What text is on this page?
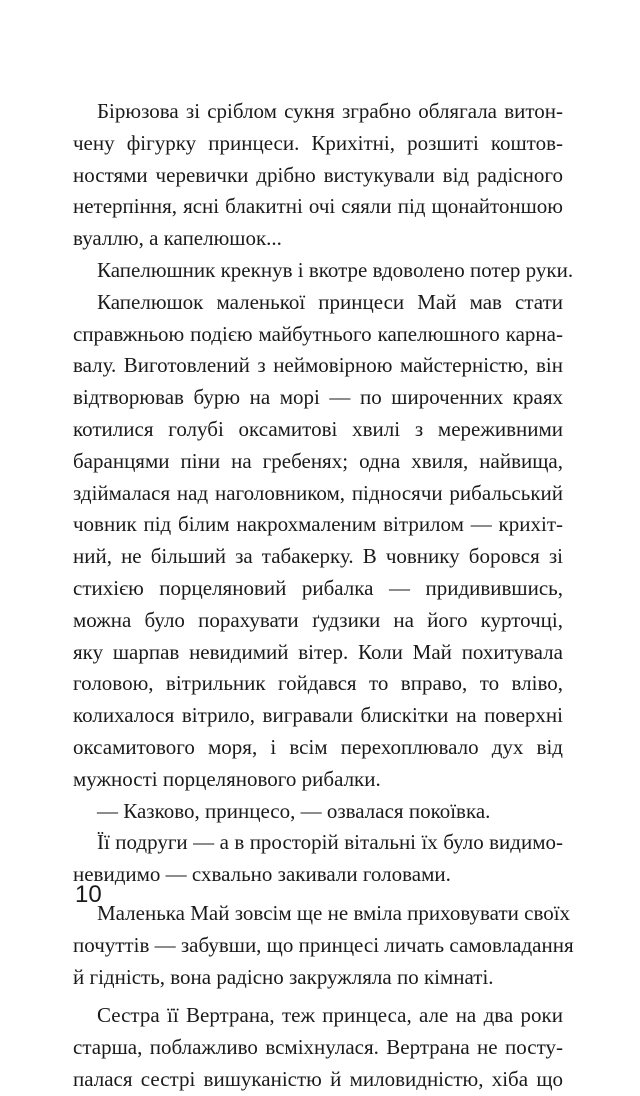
Бірюзова зі сріблом сукня зграбно облягала витон-
чену фігурку принцеси. Крихітні, розшиті коштов-
ностями черевички дрібно вистукували від радісного
нетерпіння, ясні блакитні очі сяяли під щонайтоншою
вуаллю, а капелюшок...
Капелюшник крекнув і вкотре вдоволено потер руки.
Капелюшок маленької принцеси Май мав стати
справжньою подією майбутнього капелюшного карна-
валу. Виготовлений з неймовірною майстерністю, він
відтворював бурю на морі — по широченних краях
котилися голубі оксамитові хвилі з мереживними
баранцями піни на гребенях; одна хвиля, найвища,
здіймалася над наголовником, підносячи рибальський
човник під білим накрохмаленим вітрилом — крихіт-
ний, не більший за табакерку. В човнику боровся зі
стихією порцеляновий рибалка — придивившись,
можна було порахувати ґудзики на його курточці,
яку шарпав невидимий вітер. Коли Май похитувала
головою, вітрильник гойдався то вправо, то вліво,
колихалося вітрило, вигравали блискітки на поверхні
оксамитового моря, і всім перехоплювало дух від
мужності порцелянового рибалки.
— Казково, принцесо, — озвалася покоївка.
Її подруги — а в просторій вітальні їх було видимо-
невидимо — схвально закивали головами.
Маленька Май зовсім ще не вміла приховувати своїх
почуттів — забувши, що принцесі личать самовладання
й гідність, вона радісно закружляла по кімнаті.
Сестра її Вертрана, теж принцеса, але на два роки
старша, поблажливо всміхнулася. Вертрана не посту-
палася сестрі вишуканістю й миловидністю, хіба що
10
